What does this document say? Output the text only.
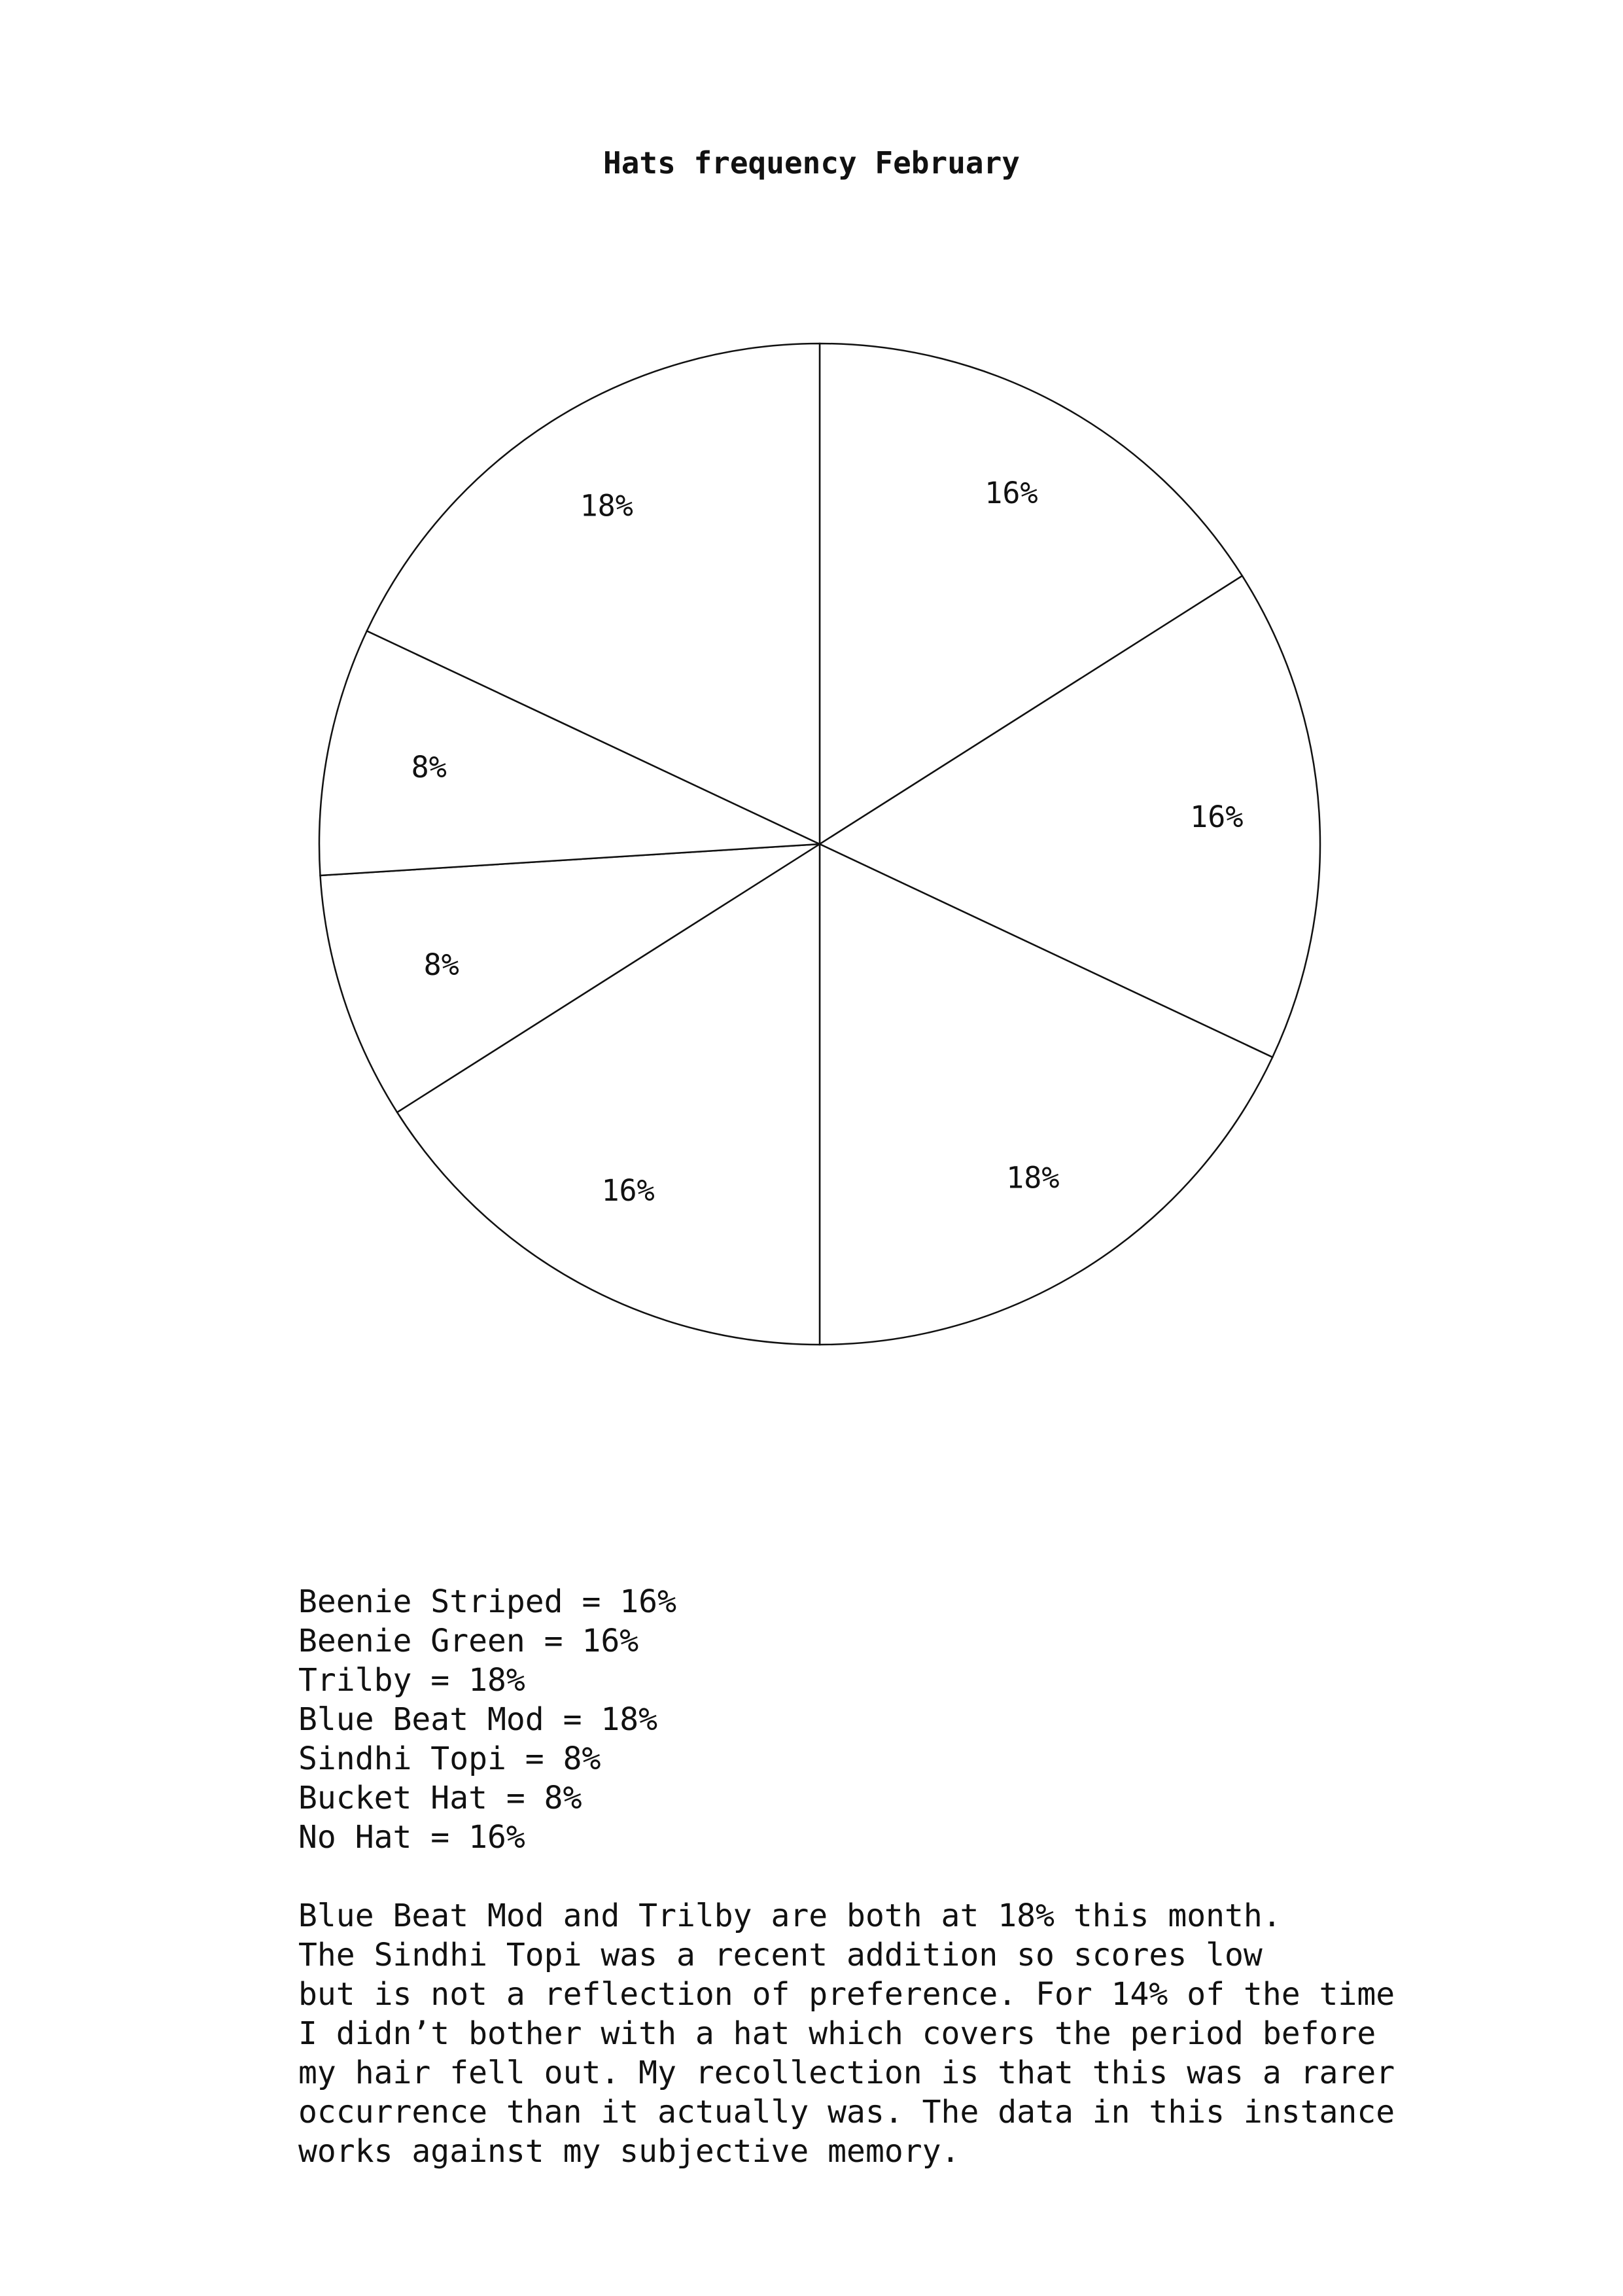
Hats frequency February
16%
16%
18%
16%
8%
8%
18%
Beenie Striped = 16%
Beenie Green = 16%
Trilby = 18%
Blue Beat Mod = 18%
Sindhi Topi = 8%
Bucket Hat = 8%
No Hat = 16%
Blue Beat Mod and Trilby are both at 18% this month.
The Sindhi Topi was a recent addition so scores low
but is not a reflection of preference. For 14% of the time
I didn’t bother with a hat which covers the period before
my hair fell out. My recollection is that this was a rarer
occurrence than it actually was. The data in this instance
works against my subjective memory.
